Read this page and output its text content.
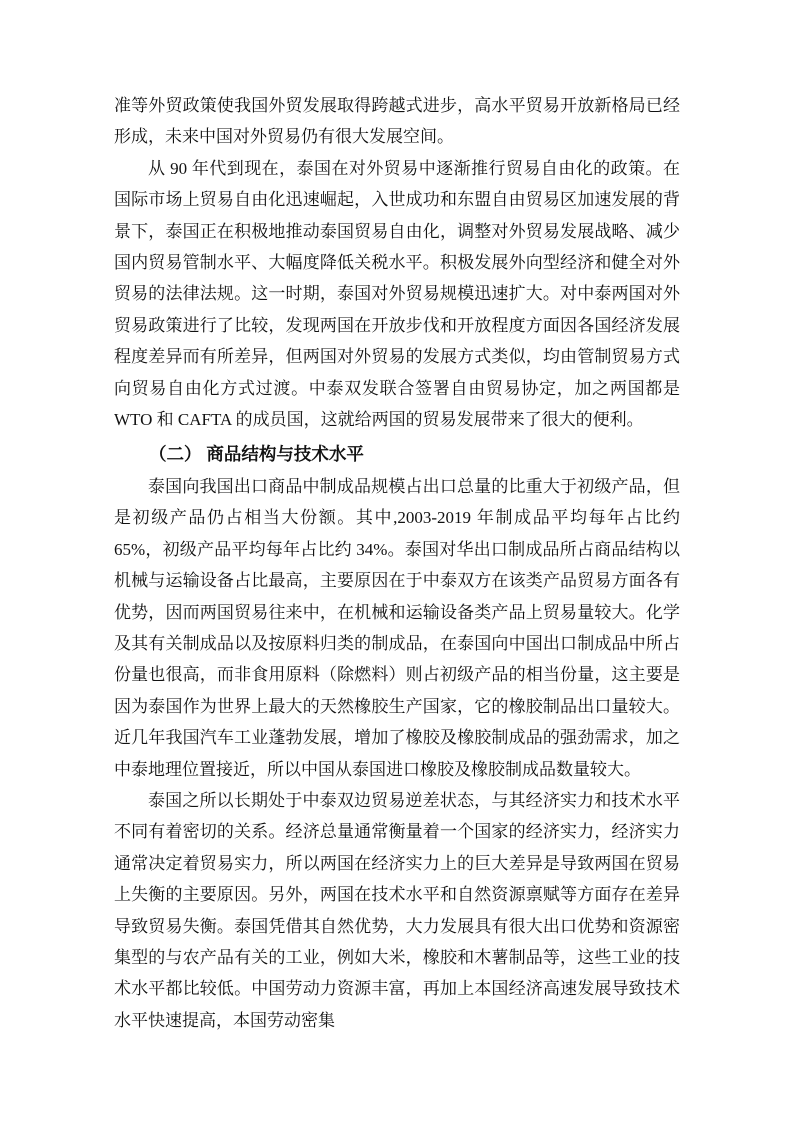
准等外贸政策使我国外贸发展取得跨越式进步，高水平贸易开放新格局已经形成，未来中国对外贸易仍有很大发展空间。

从 90 年代到现在，泰国在对外贸易中逐渐推行贸易自由化的政策。在国际市场上贸易自由化迅速崛起，入世成功和东盟自由贸易区加速发展的背景下，泰国正在积极地推动泰国贸易自由化，调整对外贸易发展战略、减少国内贸易管制水平、大幅度降低关税水平。积极发展外向型经济和健全对外贸易的法律法规。这一时期，泰国对外贸易规模迅速扩大。对中泰两国对外贸易政策进行了比较，发现两国在开放步伐和开放程度方面因各国经济发展程度差异而有所差异，但两国对外贸易的发展方式类似，均由管制贸易方式向贸易自由化方式过渡。中泰双发联合签署自由贸易协定，加之两国都是 WTO 和 CAFTA 的成员国，这就给两国的贸易发展带来了很大的便利。

（二） 商品结构与技术水平

泰国向我国出口商品中制成品规模占出口总量的比重大于初级产品，但是初级产品仍占相当大份额。其中,2003-2019 年制成品平均每年占比约 65%，初级产品平均每年占比约 34%。泰国对华出口制成品所占商品结构以机械与运输设备占比最高，主要原因在于中泰双方在该类产品贸易方面各有优势，因而两国贸易往来中，在机械和运输设备类产品上贸易量较大。化学及其有关制成品以及按原料归类的制成品，在泰国向中国出口制成品中所占份量也很高，而非食用原料（除燃料）则占初级产品的相当份量，这主要是因为泰国作为世界上最大的天然橡胶生产国家，它的橡胶制品出口量较大。近几年我国汽车工业蓬勃发展，增加了橡胶及橡胶制成品的强劲需求，加之中泰地理位置接近，所以中国从泰国进口橡胶及橡胶制成品数量较大。

泰国之所以长期处于中泰双边贸易逆差状态，与其经济实力和技术水平不同有着密切的关系。经济总量通常衡量着一个国家的经济实力，经济实力通常决定着贸易实力，所以两国在经济实力上的巨大差异是导致两国在贸易上失衡的主要原因。另外，两国在技术水平和自然资源禀赋等方面存在差异导致贸易失衡。泰国凭借其自然优势，大力发展具有很大出口优势和资源密集型的与农产品有关的工业，例如大米，橡胶和木薯制品等，这些工业的技术水平都比较低。中国劳动力资源丰富，再加上本国经济高速发展导致技术水平快速提高，本国劳动密集
